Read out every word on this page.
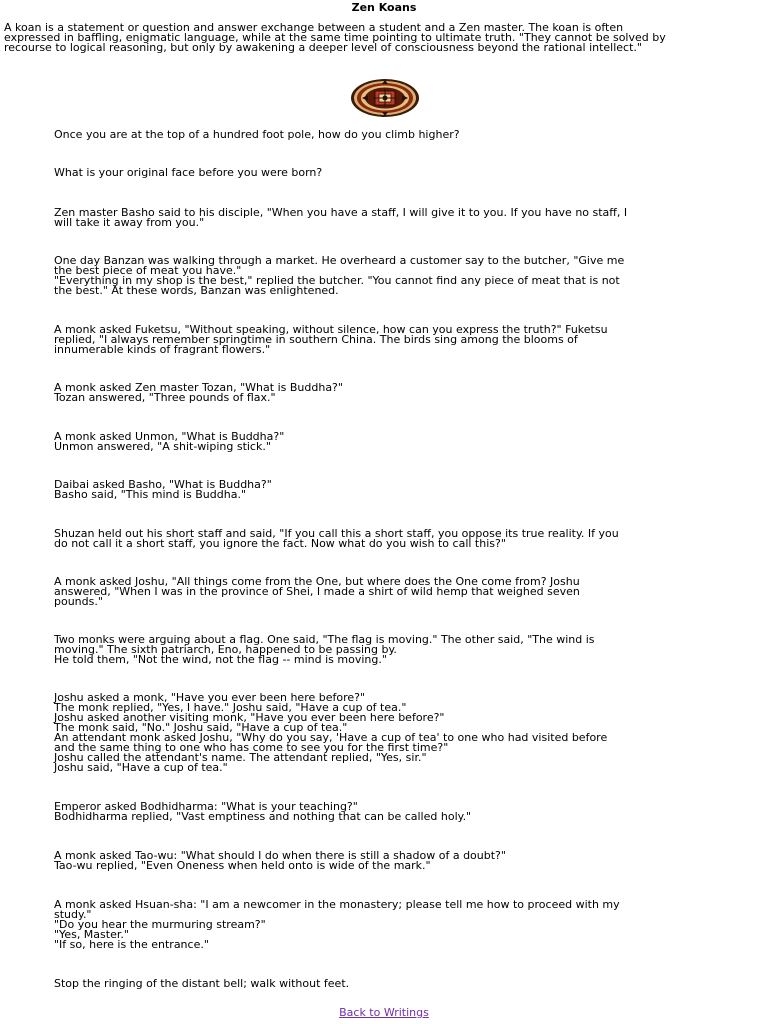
Zen Koans
A koan is a statement or question and answer exchange between a student and a Zen master. The koan is often
expressed in baffling, enigmatic language, while at the same time pointing to ultimate truth. "They cannot be solved by
recourse to logical reasoning, but only by awakening a deeper level of consciousness beyond the rational intellect."
Once you are at the top of a hundred foot pole, how do you climb higher?
What is your original face before you were born?
Zen master Basho said to his disciple, "When you have a staff, I will give it to you. If you have no staff, I
will take it away from you."
One day Banzan was walking through a market. He overheard a customer say to the butcher, "Give me
the best piece of meat you have."
"Everything in my shop is the best," replied the butcher. "You cannot find any piece of meat that is not
the best." At these words, Banzan was enlightened.
A monk asked Fuketsu, "Without speaking, without silence, how can you express the truth?" Fuketsu
replied, "I always remember springtime in southern China. The birds sing among the blooms of
innumerable kinds of fragrant flowers."
A monk asked Zen master Tozan, "What is Buddha?"
Tozan answered, "Three pounds of flax."
A monk asked Unmon, "What is Buddha?"
Unmon answered, "A shit-wiping stick."
Daibai asked Basho, "What is Buddha?"
Basho said, "This mind is Buddha."
Shuzan held out his short staff and said, "If you call this a short staff, you oppose its true reality. If you
do not call it a short staff, you ignore the fact. Now what do you wish to call this?"
A monk asked Joshu, "All things come from the One, but where does the One come from? Joshu
answered, "When I was in the province of Shei, I made a shirt of wild hemp that weighed seven
pounds."
Two monks were arguing about a flag. One said, "The flag is moving." The other said, "The wind is
moving." The sixth patriarch, Eno, happened to be passing by.
He told them, "Not the wind, not the flag -- mind is moving."
Joshu asked a monk, "Have you ever been here before?"
The monk replied, "Yes, I have." Joshu said, "Have a cup of tea."
Joshu asked another visiting monk, "Have you ever been here before?"
The monk said, "No." Joshu said, "Have a cup of tea."
An attendant monk asked Joshu, "Why do you say, 'Have a cup of tea' to one who had visited before
and the same thing to one who has come to see you for the first time?"
Joshu called the attendant's name. The attendant replied, "Yes, sir."
Joshu said, "Have a cup of tea."
Emperor asked Bodhidharma: "What is your teaching?"
Bodhidharma replied, "Vast emptiness and nothing that can be called holy."
A monk asked Tao-wu: "What should I do when there is still a shadow of a doubt?"
Tao-wu replied, "Even Oneness when held onto is wide of the mark."
A monk asked Hsuan-sha: "I am a newcomer in the monastery; please tell me how to proceed with my
study."
"Do you hear the murmuring stream?"
"Yes, Master."
"If so, here is the entrance."
Stop the ringing of the distant bell; walk without feet.
Back to Writings
